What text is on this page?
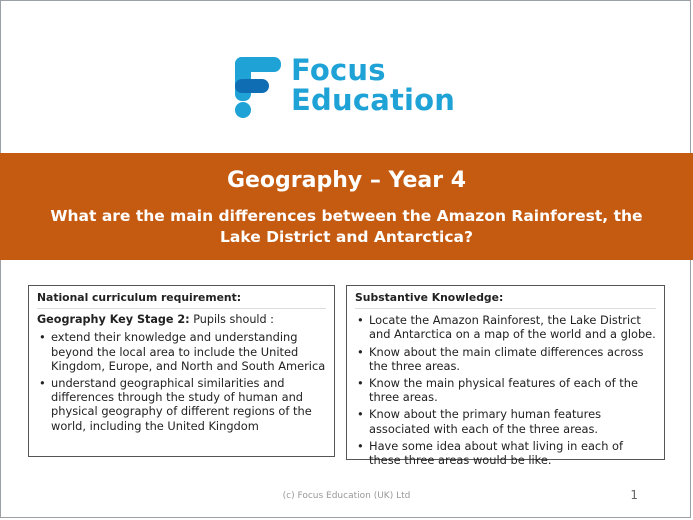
Focus
Education
Geography – Year 4
What are the main differences between the Amazon Rainforest, the Lake District and Antarctica?
National curriculum requirement:
Geography Key Stage 2: Pupils should :
• extend their knowledge and understanding beyond the local area to include the United Kingdom, Europe, and North and South America
• understand geographical similarities and differences through the study of human and physical geography of different regions of the world, including the United Kingdom
Substantive Knowledge:
• Locate the Amazon Rainforest, the Lake District and Antarctica on a map of the world and a globe.
• Know about the main climate differences across the three areas.
• Know the main physical features of each of the three areas.
• Know about the primary human features associated with each of the three areas.
• Have some idea about what living in each of these three areas would be like.
(c) Focus Education (UK) Ltd	1
